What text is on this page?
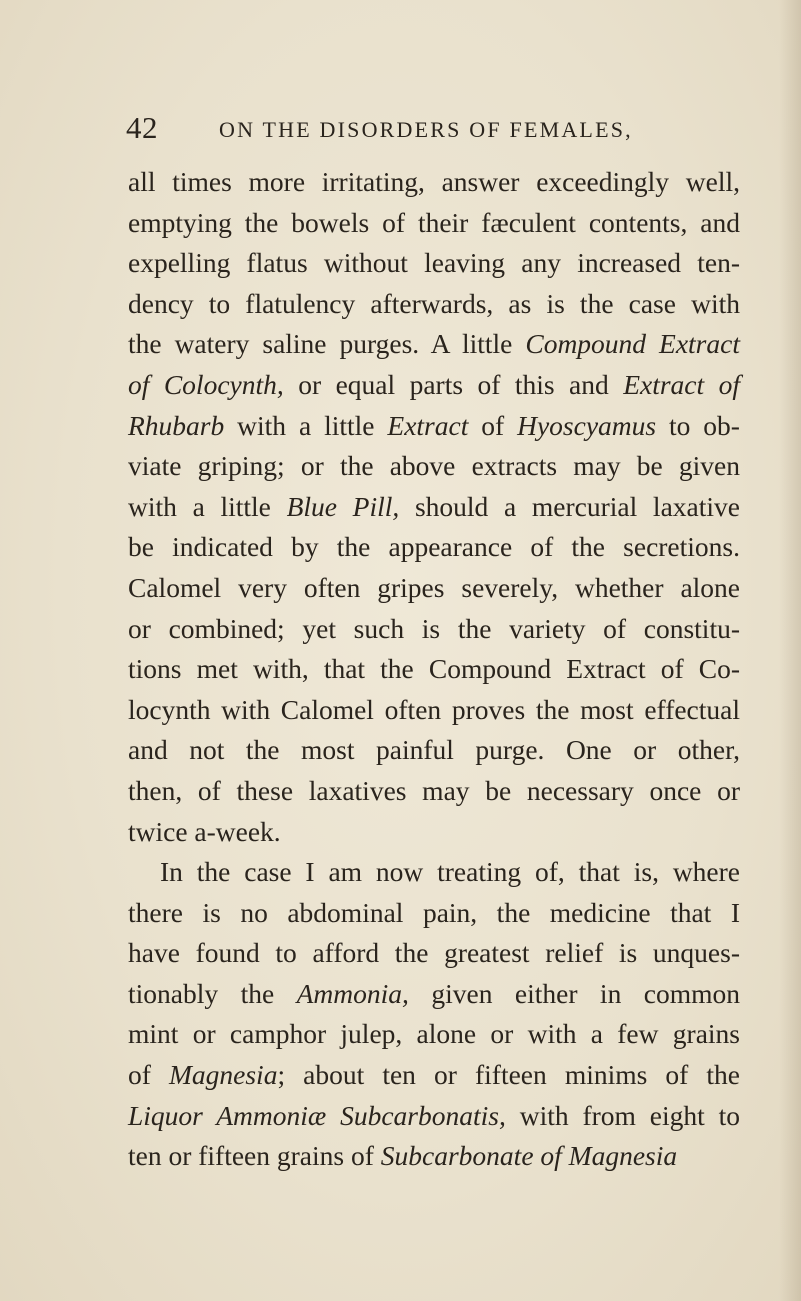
42	ON THE DISORDERS OF FEMALES,
all times more irritating, answer exceedingly well,
emptying the bowels of their fæculent contents, and
expelling flatus without leaving any increased ten-
dency to flatulency afterwards, as is the case with
the watery saline purges. A little Compound Extract
of Colocynth, or equal parts of this and Extract of
Rhubarb with a little Extract of Hyoscyamus to ob-
viate griping; or the above extracts may be given
with a little Blue Pill, should a mercurial laxative
be indicated by the appearance of the secretions.
Calomel very often gripes severely, whether alone
or combined; yet such is the variety of constitu-
tions met with, that the Compound Extract of Co-
locynth with Calomel often proves the most effectual
and not the most painful purge. One or other,
then, of these laxatives may be necessary once or
twice a-week.
In the case I am now treating of, that is, where
there is no abdominal pain, the medicine that I
have found to afford the greatest relief is unques-
tionably the Ammonia, given either in common
mint or camphor julep, alone or with a few grains
of Magnesia; about ten or fifteen minims of the
Liquor Ammoniæ Subcarbonatis, with from eight to
ten or fifteen grains of Subcarbonate of Magnesia
